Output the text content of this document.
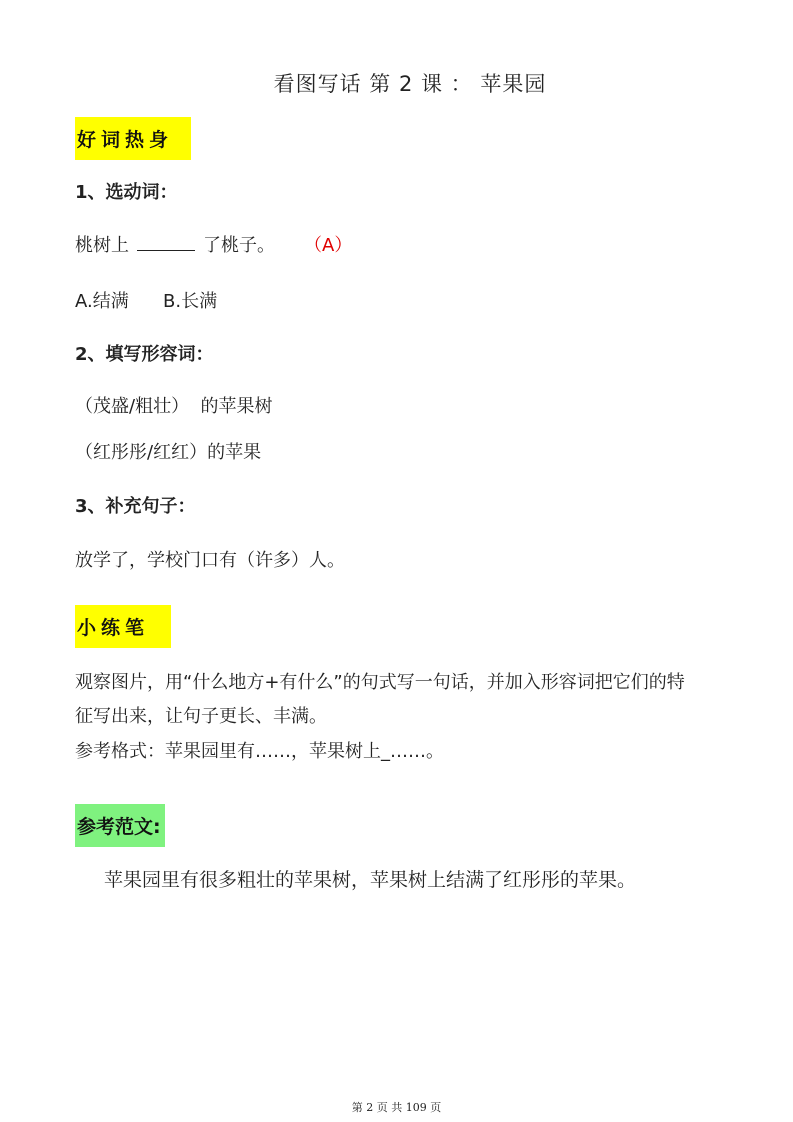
看图写话 第 2 课 ： 苹果园
好词热身
1、选动词：
桃树上	了桃子。 （A）
A.结满      B.长满
2、填写形容词：
（茂盛/粗壮）  的苹果树
（红彤彤/红红）的苹果
3、补充句子：
放学了，学校门口有（许多）人。
小练笔
观察图片，用“什么地方+有什么”的句式写一句话，并加入形容词把它们的特
征写出来，让句子更长、丰满。
参考格式：苹果园里有……，苹果树上_……。
参考范文:
苹果园里有很多粗壮的苹果树，苹果树上结满了红彤彤的苹果。
第 2 页 共 109 页
